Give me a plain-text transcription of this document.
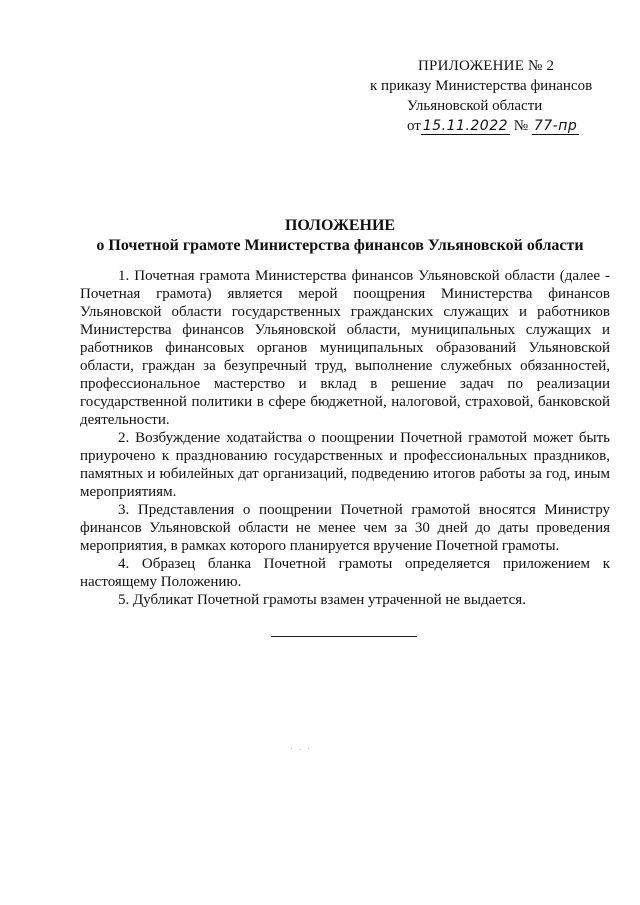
ПРИЛОЖЕНИЕ № 2
к приказу Министерства финансов
Ульяновской области
от 15.11.2022 № 77-пр
ПОЛОЖЕНИЕ
о Почетной грамоте Министерства финансов Ульяновской области

1. Почетная грамота Министерства финансов Ульяновской области (далее - Почетная грамота) является мерой поощрения Министерства финансов Ульяновской области государственных гражданских служащих и работников Министерства финансов Ульяновской области, муниципальных служащих и работников финансовых органов муниципальных образований Ульяновской области, граждан за безупречный труд, выполнение служебных обязанностей, профессиональное мастерство и вклад в решение задач по реализации государственной политики в сфере бюджетной, налоговой, страховой, банковской деятельности.

2. Возбуждение ходатайства о поощрении Почетной грамотой может быть приурочено к празднованию государственных и профессиональных праздников, памятных и юбилейных дат организаций, подведению итогов работы за год, иным мероприятиям.

3. Представления о поощрении Почетной грамотой вносятся Министру финансов Ульяновской области не менее чем за 30 дней до даты проведения мероприятия, в рамках которого планируется вручение Почетной грамоты.

4. Образец бланка Почетной грамоты определяется приложением к настоящему Положению.

5. Дубликат Почетной грамоты взамен утраченной не выдается.
